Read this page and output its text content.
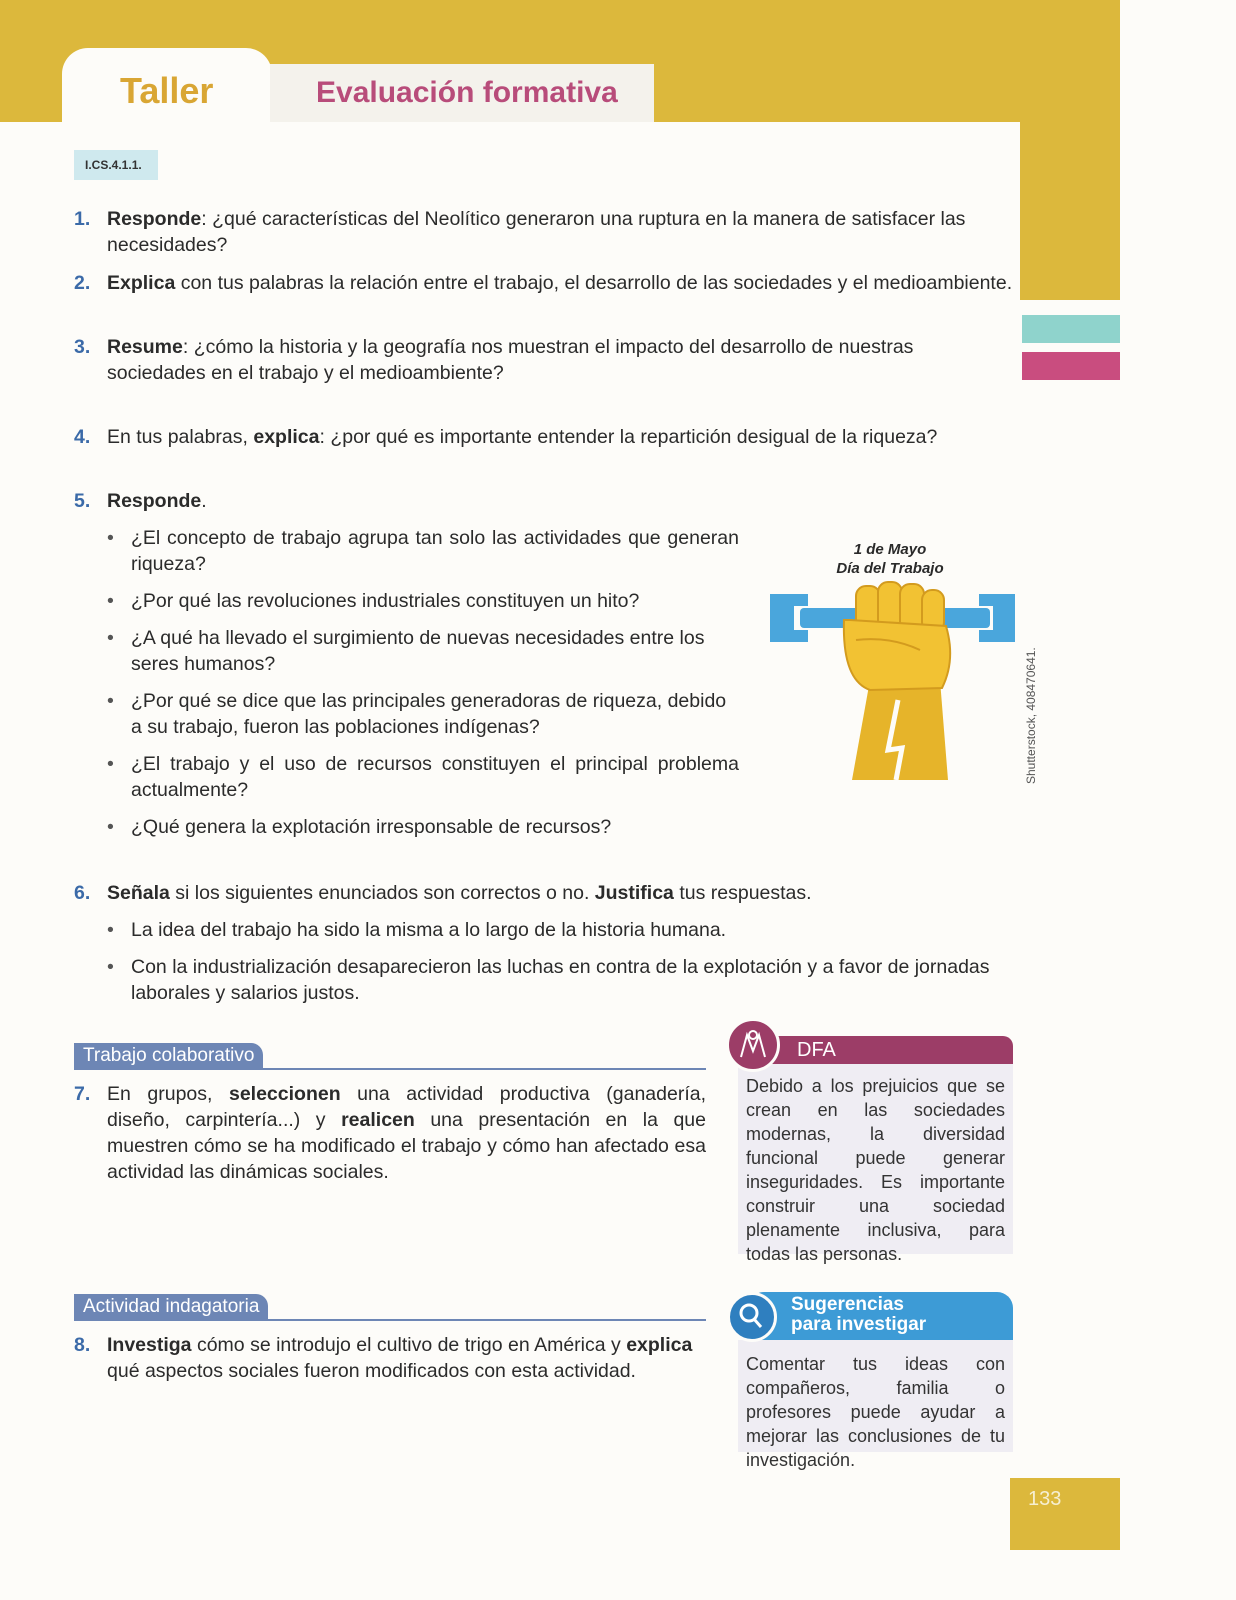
Taller	Evaluación formativa
I.CS.4.1.1.
1. Responde: ¿qué características del Neolítico generaron una ruptura en la manera de satisfacer las necesidades?
2. Explica con tus palabras la relación entre el trabajo, el desarrollo de las sociedades y el medioambiente.
3. Resume: ¿cómo la historia y la geografía nos muestran el impacto del desarrollo de nuestras sociedades en el trabajo y el medioambiente?
4. En tus palabras, explica: ¿por qué es importante entender la repartición desigual de la riqueza?
5. Responde.
• ¿El concepto de trabajo agrupa tan solo las actividades que generan riqueza?
• ¿Por qué las revoluciones industriales constituyen un hito?
• ¿A qué ha llevado el surgimiento de nuevas necesidades entre los seres humanos?
• ¿Por qué se dice que las principales generadoras de riqueza, debido a su trabajo, fueron las poblaciones indígenas?
• ¿El trabajo y el uso de recursos constituyen el principal problema actualmente?
• ¿Qué genera la explotación irresponsable de recursos?
1 de Mayo
Día del Trabajo
Shutterstock, 408470641.
6. Señala si los siguientes enunciados son correctos o no. Justifica tus respuestas.
• La idea del trabajo ha sido la misma a lo largo de la historia humana.
• Con la industrialización desaparecieron las luchas en contra de la explotación y a favor de jornadas laborales y salarios justos.
Trabajo colaborativo
7. En grupos, seleccionen una actividad productiva (ganadería, diseño, carpintería...) y realicen una presentación en la que muestren cómo se ha modificado el trabajo y cómo han afectado esa actividad las dinámicas sociales.
Debido a los prejuicios que se crean en las sociedades modernas, la diversidad funcional puede generar inseguridades. Es importante construir una sociedad plenamente inclusiva, para todas las personas.
DFA
Actividad indagatoria
8. Investiga cómo se introdujo el cultivo de trigo en América y explica qué aspectos sociales fueron modificados con esta actividad.	Comentar tus ideas con compañeros, familia o profesores puede ayudar a mejorar las conclusiones de tu investigación.
Sugerencias
para investigar
133
